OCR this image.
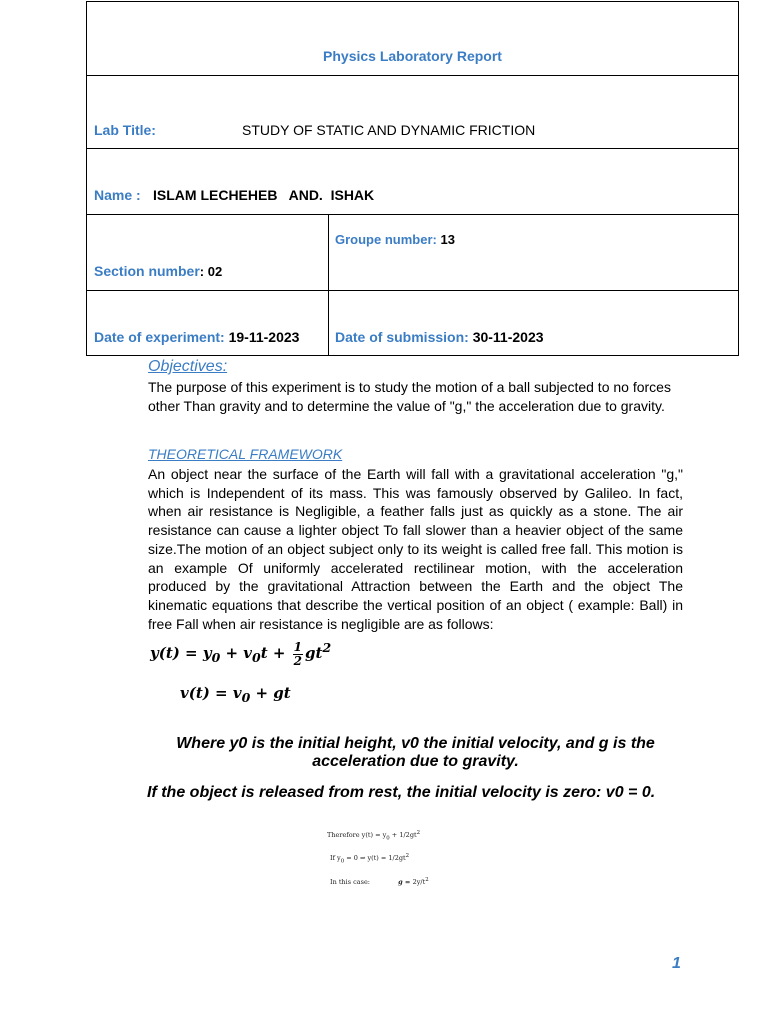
Physics Laboratory Report
Lab Title:	STUDY OF STATIC AND DYNAMIC FRICTION
Name : ISLAM LECHEHEB   AND.  ISHAK
Section number: 02
Groupe number: 13
Date of experiment: 19-11-2023	Date of submission: 30-11-2023
Objectives:
The purpose of this experiment is to study the motion of a ball subjected to no forces other Than gravity and to determine the value of "g," the acceleration due to gravity.
THEORETICAL FRAMEWORK
An object near the surface of the Earth will fall with a gravitational acceleration "g," which is Independent of its mass. This was famously observed by Galileo. In fact, when air resistance is Negligible, a feather falls just as quickly as a stone. The air resistance can cause a lighter object To fall slower than a heavier object of the same size.The motion of an object subject only to its weight is called free fall. This motion is an example Of uniformly accelerated rectilinear motion, with the acceleration produced by the gravitational Attraction between the Earth and the object The kinematic equations that describe the vertical position of an object ( example: Ball) in free Fall when air resistance is negligible are as follows:
$y(t) = y_0 + v_0t + \frac{1}{2} gt^2$
$v(t) = v_0$ + gt
Where y0 is the initial height, v0 the initial velocity, and g is the
acceleration due to gravity.
If the object is released from rest, the initial velocity is zero: v0 = 0.
Therefore $y(t) = y_0 + 1/2gt^2$
If $y_0 = 0$ ⇒ $y(t) = 1/2gt^2$
In this case:	$g = 2y/t^2$
1
